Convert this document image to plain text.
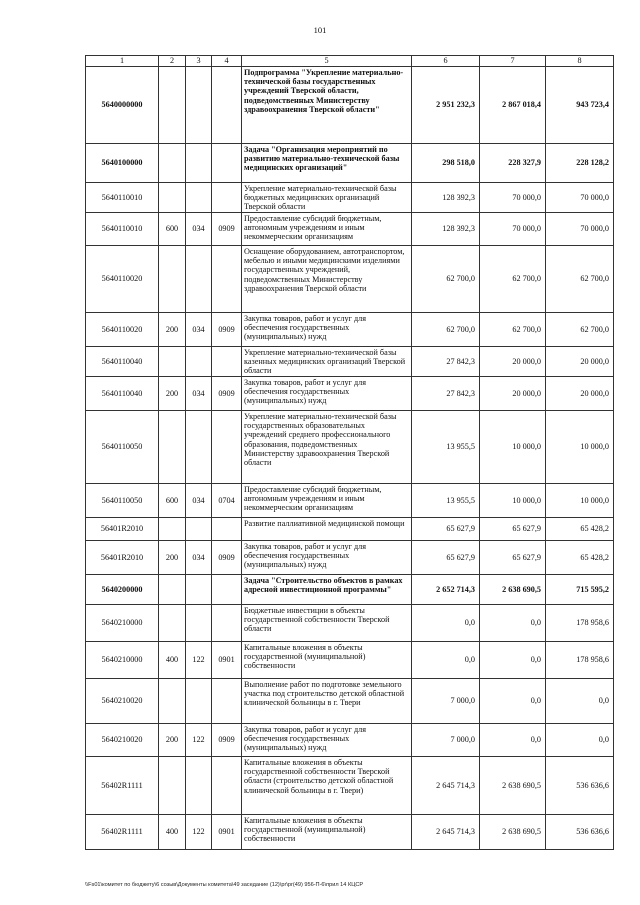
101
1	2	3	4	5	6	7	8
5640000000				Подпрограмма "Укрепление материально-технической базы государственных учреждений Тверской области, подведомственных Министерству здравоохранения Тверской области"	2 951 232,3	2 867 018,4	943 723,4
5640100000				Задача "Организация мероприятий по развитию материально-технической базы медицинских организаций"	298 518,0	228 327,9	228 128,2
5640110010				Укрепление материально-технической базы бюджетных медицинских организаций Тверской области	128 392,3	70 000,0	70 000,0
5640110010	600	034	0909	Предоставление субсидий бюджетным, автономным учреждениям и иным некоммерческим организациям	128 392,3	70 000,0	70 000,0
5640110020				Оснащение оборудованием, автотранспортом, мебелью и иными медицинскими изделиями государственных учреждений, подведомственных Министерству здравоохранения Тверской области	62 700,0	62 700,0	62 700,0
5640110020	200	034	0909	Закупка товаров, работ и услуг для обеспечения государственных (муниципальных) нужд	62 700,0	62 700,0	62 700,0
5640110040				Укрепление материально-технической базы казенных медицинских организаций Тверской области	27 842,3	20 000,0	20 000,0
5640110040	200	034	0909	Закупка товаров, работ и услуг для обеспечения государственных (муниципальных) нужд	27 842,3	20 000,0	20 000,0
5640110050				Укрепление материально-технической базы государственных образовательных учреждений среднего профессионального образования, подведомственных Министерству здравоохранения Тверской области	13 955,5	10 000,0	10 000,0
5640110050	600	034	0704	Предоставление субсидий бюджетным, автономным учреждениям и иным некоммерческим организациям	13 955,5	10 000,0	10 000,0
56401R2010				Развитие паллиативной медицинской помощи	65 627,9	65 627,9	65 428,2
56401R2010	200	034	0909	Закупка товаров, работ и услуг для обеспечения государственных (муниципальных) нужд	65 627,9	65 627,9	65 428,2
5640200000				Задача "Строительство объектов в рамках адресной инвестиционной программы"	2 652 714,3	2 638 690,5	715 595,2
5640210000				Бюджетные инвестиции в объекты государственной собственности Тверской области	0,0	0,0	178 958,6
5640210000	400	122	0901	Капитальные вложения в объекты государственной (муниципальной) собственности	0,0	0,0	178 958,6
5640210020				Выполнение работ по подготовке земельного участка под строительство детской областной клинической больницы в г. Твери	7 000,0	0,0	0,0
5640210020	200	122	0909	Закупка товаров, работ и услуг для обеспечения государственных (муниципальных) нужд	7 000,0	0,0	0,0
56402R1111				Капитальные вложения в объекты государственной собственности Тверской области (строительство детской областной клинической больницы в г. Твери)	2 645 714,3	2 638 690,5	536 636,6
56402R1111	400	122	0901	Капитальные вложения в объекты государственной (муниципальной) собственности	2 645 714,3	2 638 690,5	536 636,6
\\Fs01\комитет по бюджету\6 созыв\Документы комитета\49 заседание (12)\pr\pr(49) 956-П-6\прил 14 КЦСР
